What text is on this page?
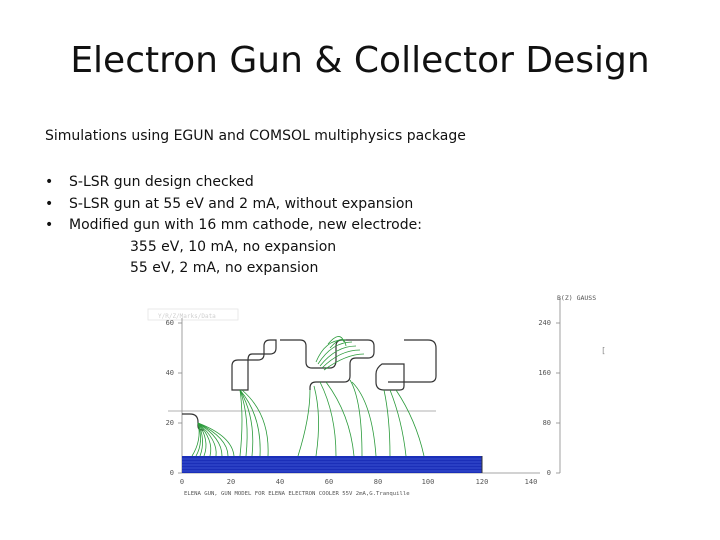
Electron Gun & Collector Design
Simulations using EGUN and COMSOL multiphysics package
• S-LSR gun design checked
• S-LSR gun at 55 eV and 2 mA, without expansion
• Modified gun with 16 mm cathode, new electrode:
355 eV, 10 mA, no expansion
55 eV, 2 mA, no expansion
Y/R/Z/Marks/Data
60
40
20
0
B(Z) GAUSS
240
160
80
0
[
0	20	40	60	80	100	120	140
ELENA GUN, GUN MODEL FOR ELENA ELECTRON COOLER 55V 2mA,G.Tranquille
